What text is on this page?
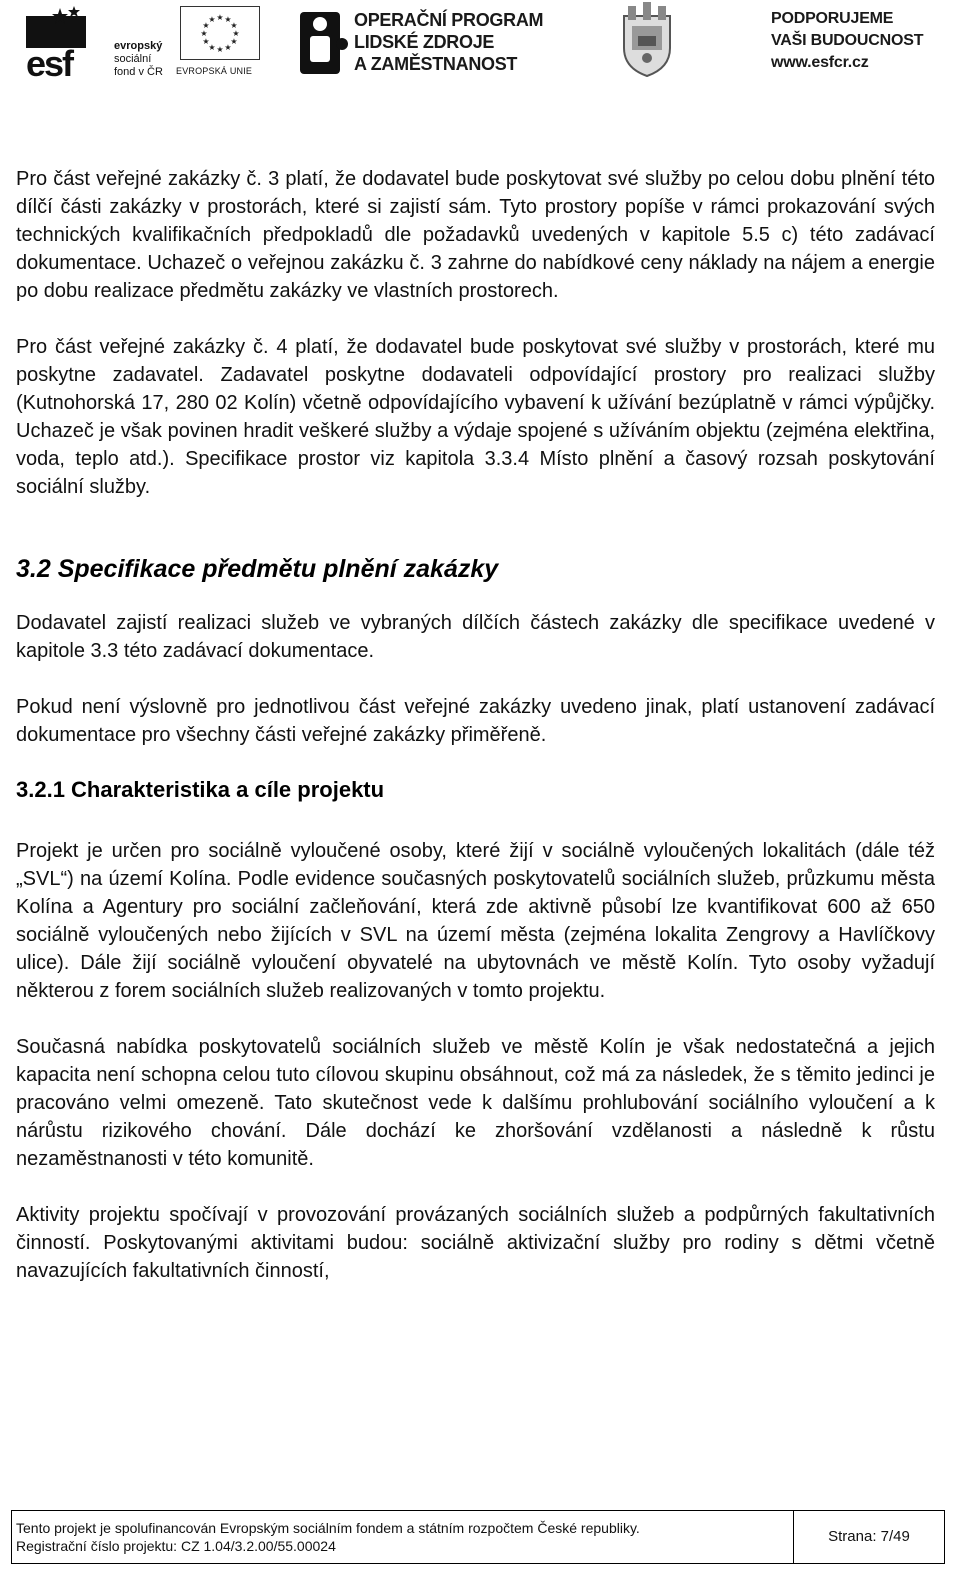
esf	evropský
sociální
fond v ČR
★ ★
★
★
★
★
★
★
★
★
★
★
EVROPSKÁ UNIE
OPERAČNÍ PROGRAM
LIDSKÉ ZDROJE
A ZAMĚSTNANOST
PODPORUJEME
VAŠI BUDOUCNOST
www.esfcr.cz

Pro část veřejné zakázky č. 3 platí, že dodavatel bude poskytovat své služby po celou dobu plnění této dílčí části zakázky v prostorách, které si zajistí sám. Tyto prostory popíše v rámci prokazování svých technických kvalifikačních předpokladů dle požadavků uvedených v kapitole 5.5 c) této zadávací dokumentace. Uchazeč o veřejnou zakázku č. 3 zahrne do nabídkové ceny náklady na nájem a energie po dobu realizace předmětu zakázky ve vlastních prostorech.

Pro část veřejné zakázky č. 4 platí, že dodavatel bude poskytovat své služby v prostorách, které mu poskytne zadavatel. Zadavatel poskytne dodavateli odpovídající prostory pro realizaci služby (Kutnohorská 17, 280 02 Kolín) včetně odpovídajícího vybavení k užívání bezúplatně v rámci výpůjčky. Uchazeč je však povinen hradit veškeré služby a výdaje spojené s užíváním objektu (zejména elektřina, voda, teplo atd.). Specifikace prostor viz kapitola 3.3.4 Místo plnění a časový rozsah poskytování sociální služby.

3.2 Specifikace předmětu plnění zakázky

Dodavatel zajistí realizaci služeb ve vybraných dílčích částech zakázky dle specifikace uvedené v kapitole 3.3 této zadávací dokumentace.

Pokud není výslovně pro jednotlivou část veřejné zakázky uvedeno jinak, platí ustanovení zadávací dokumentace pro všechny části veřejné zakázky přiměřeně.

3.2.1 Charakteristika a cíle projektu

Projekt je určen pro sociálně vyloučené osoby, které žijí v sociálně vyloučených lokalitách (dále též „SVL“) na území Kolína. Podle evidence současných poskytovatelů sociálních služeb, průzkumu města Kolína a Agentury pro sociální začleňování, která zde aktivně působí lze kvantifikovat 600 až 650 sociálně vyloučených nebo žijících v SVL na území města (zejména lokalita Zengrovy a Havlíčkovy ulice). Dále žijí sociálně vyloučení obyvatelé na ubytovnách ve městě Kolín. Tyto osoby vyžadují některou z forem sociálních služeb realizovaných v tomto projektu.

Současná nabídka poskytovatelů sociálních služeb ve městě Kolín je však nedostatečná a jejich kapacita není schopna celou tuto cílovou skupinu obsáhnout, což má za následek, že s těmito jedinci je pracováno velmi omezeně. Tato skutečnost vede k dalšímu prohlubování sociálního vyloučení a k nárůstu rizikového chování. Dále dochází ke zhoršování vzdělanosti a následně k růstu nezaměstnanosti v této komunitě.

Aktivity projektu spočívají v provozování provázaných sociálních služeb a podpůrných fakultativních činností. Poskytovanými aktivitami budou: sociálně aktivizační služby pro rodiny s dětmi včetně navazujících fakultativních činností,

Tento projekt je spolufinancován Evropským sociálním fondem a státním rozpočtem České republiky.
Registrační číslo projektu: CZ 1.04/3.2.00/55.00024
Strana: 7/49
